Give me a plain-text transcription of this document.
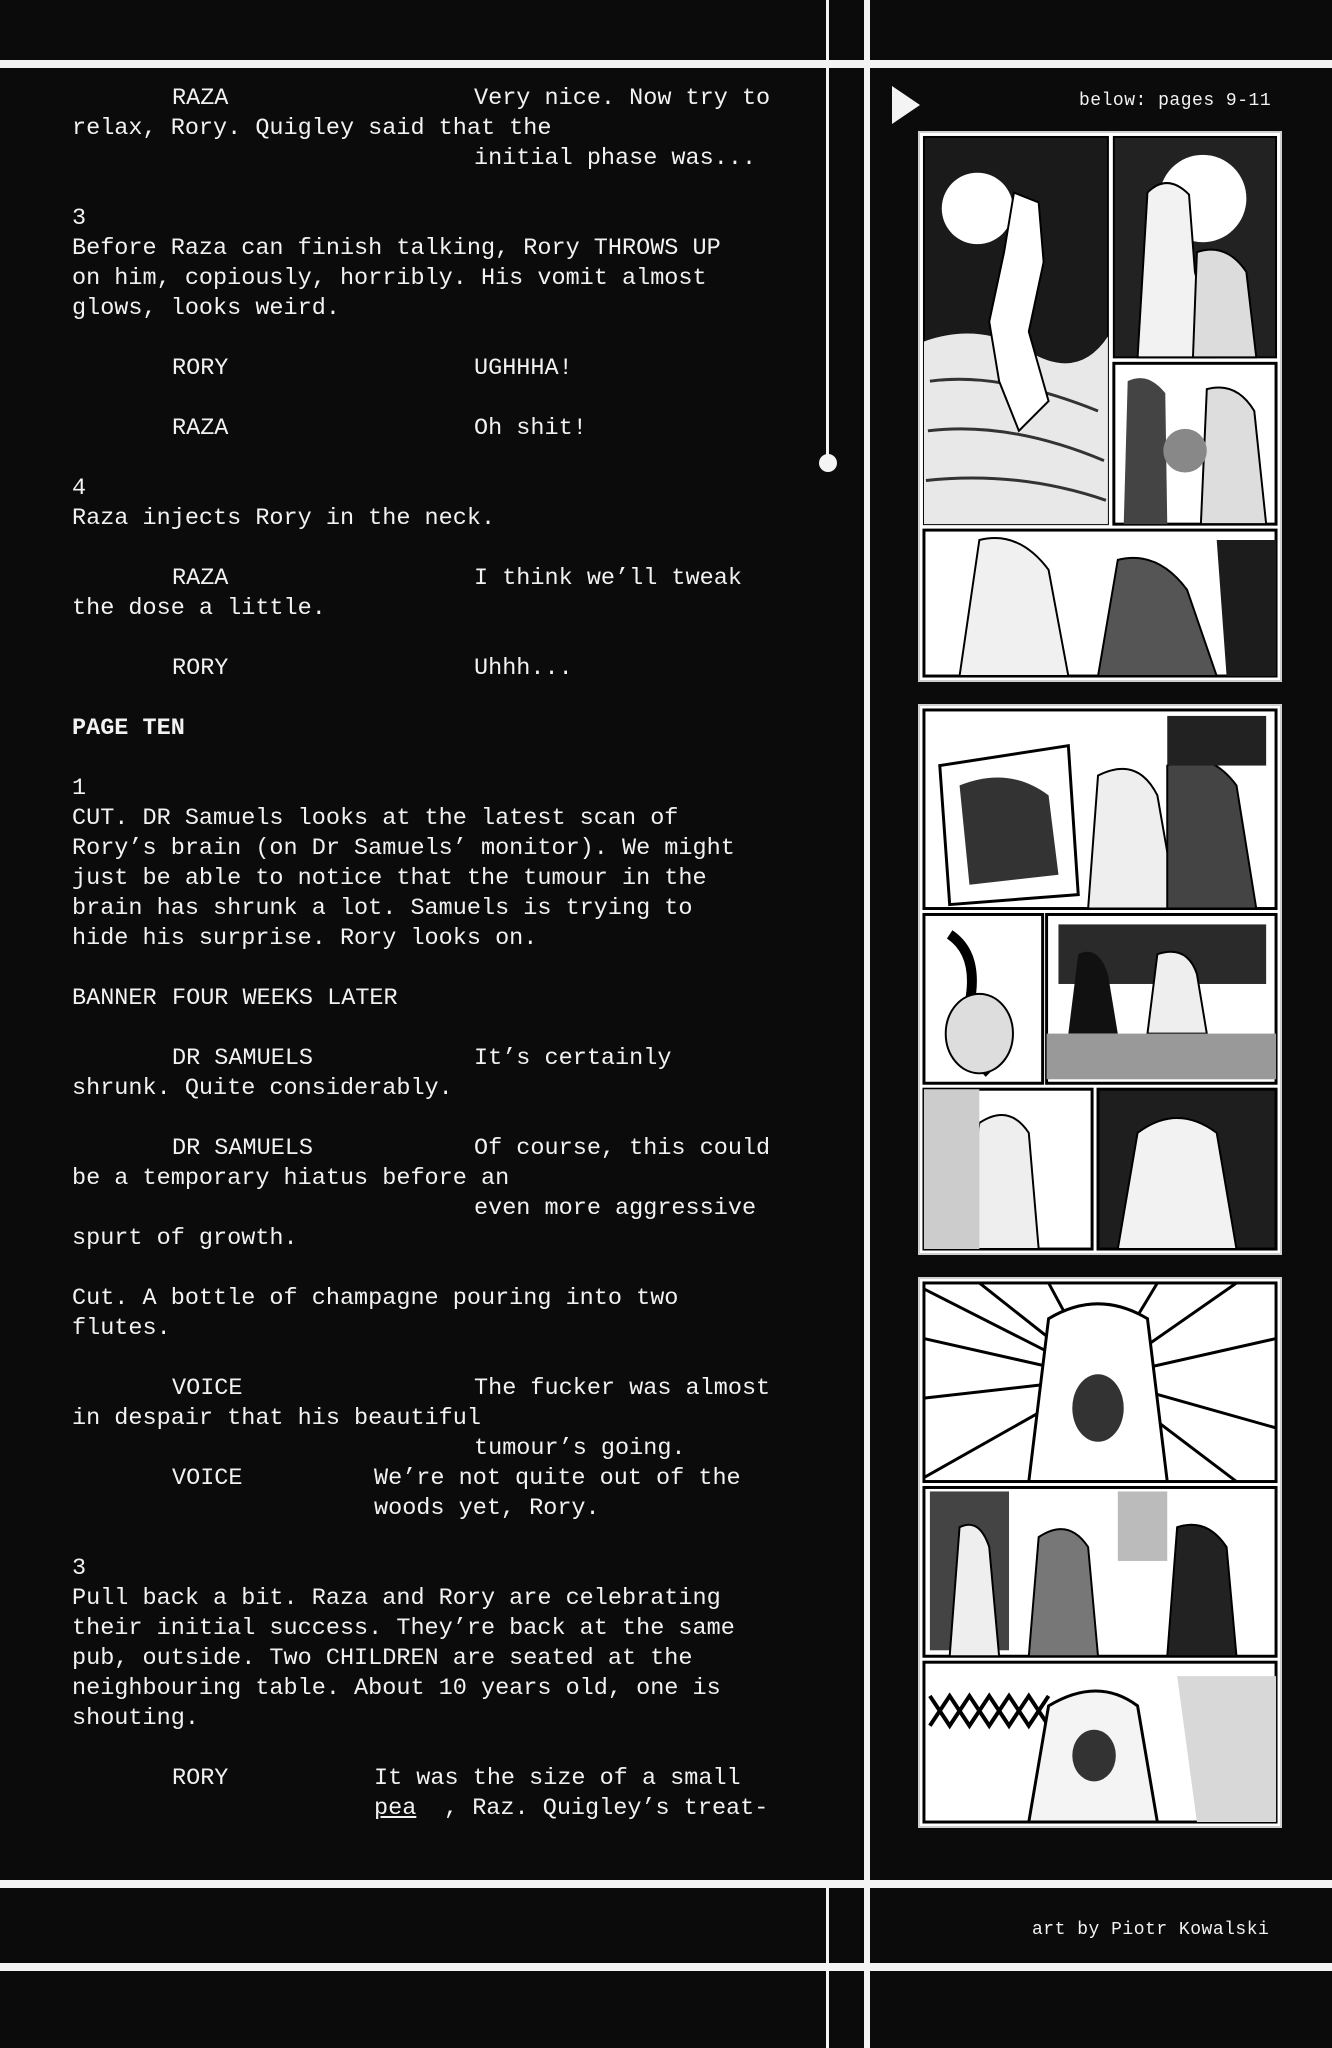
RAZA	Very nice. Now try to
relax, Rory. Quigley said that the
initial phase was...
3
Before Raza can finish talking, Rory THROWS UP
on him, copiously, horribly. His vomit almost
glows, looks weird.
RORY	UGHHHA!
RAZA	Oh shit!
4
Raza injects Rory in the neck.
RAZA	I think we’ll tweak
the dose a little.
RORY	Uhhh...
PAGE TEN
1
CUT. DR Samuels looks at the latest scan of
Rory’s brain (on Dr Samuels’ monitor). We might
just be able to notice that the tumour in the
brain has shrunk a lot. Samuels is trying to
hide his surprise. Rory looks on.
BANNER FOUR WEEKS LATER
DR SAMUELS	It’s certainly
shrunk. Quite considerably.
DR SAMUELS	Of course, this could
be a temporary hiatus before an
even more aggressive
spurt of growth.
Cut. A bottle of champagne pouring into two
flutes.
VOICE	The fucker was almost
in despair that his beautiful
tumour’s going.
VOICE	We’re not quite out of the
woods yet, Rory.
3
Pull back a bit. Raza and Rory are celebrating
their initial success. They’re back at the same
pub, outside. Two CHILDREN are seated at the
neighbouring table. About 10 years old, one is
shouting.
RORY	It was the size of a small
pea , Raz. Quigley’s treat-
below: pages 9-11
art by Piotr Kowalski
